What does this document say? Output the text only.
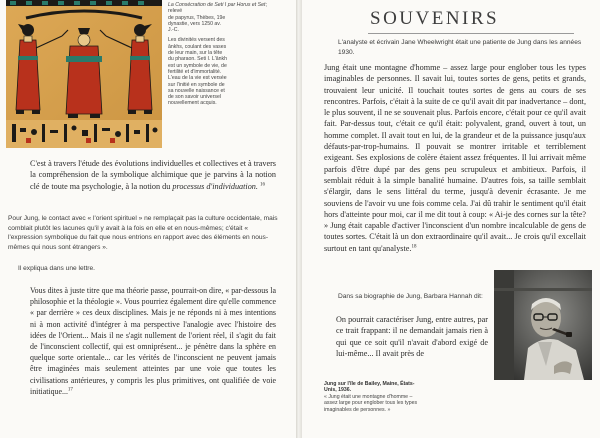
La Consécration de Seti I par Horus et Set; relevé
de papyrus, Thèbes, 19e
dynastie, vers 1250 av.
J.-C.
Les divinités versent des
ânkhs, coulant des vases
de leur main, sur la tête
du pharaon. Seti I. L'ânkh
est un symbole de vie, de
fertilité et d'immortalité.
L'eau de la vie est versée
sur l'initié en symbole de
sa nouvelle naissance et
de son savoir universel
nouvellement acquis.
C'est à travers l'étude des évolutions individuelles et collectives et à travers la compréhension de la symbolique alchimique que je parvins à la notion clé de toute ma psychologie, à la notion du processus d'individuation. $^{16}$
Pour Jung, le contact avec « l'orient spirituel » ne remplaçait pas la culture occidentale, mais comblait plutôt les lacunes qu'il y avait à la fois en elle et en nous-mêmes; c'était « l'expression symbolique du fait que nous entrions en rapport avec des éléments en nous-mêmes qui nous sont étrangers ».
Il expliqua dans une lettre.
Vous dites à juste titre que ma théorie passe, pourrait-on dire, « par-dessous la philosophie et la théologie ». Vous pourriez également dire qu'elle commence « par derrière » ces deux disciplines. Mais je ne réponds ni à mes intentions ni à mon activité d'intégrer à ma perspective l'analogie avec l'histoire des idées de l'Orient... Mais il ne s'agit nullement de l'orient réel, il s'agit du fait de l'inconscient collectif, qui est omniprésent... je pénètre dans la sphère en quelque sorte orientale... car les vérités de l'inconscient ne peuvent jamais être imaginées mais seulement atteintes par une voie que toutes les civilisations antérieures, y compris les plus primitives, ont qualifiée de voie initiatique...$^{17}$
SOUVENIRS
L'analyste et écrivain Jane Wheelwright était une patiente de Jung dans les années 1930.
Jung était une montagne d'homme – assez large pour englober tous les types imaginables de personnes. Il savait lui, toutes sortes de gens, petits et grands, trouvaient leur unicité. Il touchait toutes sortes de gens au cours de ses rencontres. Parfois, c'était à la suite de ce qu'il avait dit par inadvertance – dont, le plus souvent, il ne se souvenait plus. Parfois encore, c'était pour ce qu'il avait fait. Par-dessus tout, c'était ce qu'il était: polyvalent, grand, ouvert à tout, un homme complet. Il avait tout en lui, de la grandeur et de la puissance jusqu'aux défauts-par-trop-humains. Il pouvait se montrer irritable et terriblement exigeant. Ses explosions de colère étaient assez fréquentes. Il lui arrivait même parfois d'être dupé par des gens peu scrupuleux et ambitieux. Parfois, il semblait réduit à la simple banalité humaine. D'autres fois, sa taille semblait s'élargir, dans le sens littéral du terme, jusqu'à devenir écrasante. Je me souviens de l'avoir vu une fois comme cela. J'ai dû trahir le sentiment qu'il était hors d'atteinte pour moi, car il me dit tout à coup: « Ai-je des cornes sur la tête? » Jung était capable d'activer l'inconscient d'un nombre incalculable de gens de toutes sortes. C'était là un don extraordinaire qu'il avait... Je crois qu'il excellait surtout en tant qu'analyste.$^{18}$
Dans sa biographie de Jung, Barbara Hannah dit:
On pourrait caractériser Jung, entre autres, par ce trait frappant: il ne demandait jamais rien à qui que ce soit qu'il n'avait d'abord exigé de lui-même... Il avait près de
Jung sur l'île de Bailey, Maine, États-Unis, 1936.
« Jung était une montagne d'homme – assez large pour englober tous les types imaginables de personnes. »
